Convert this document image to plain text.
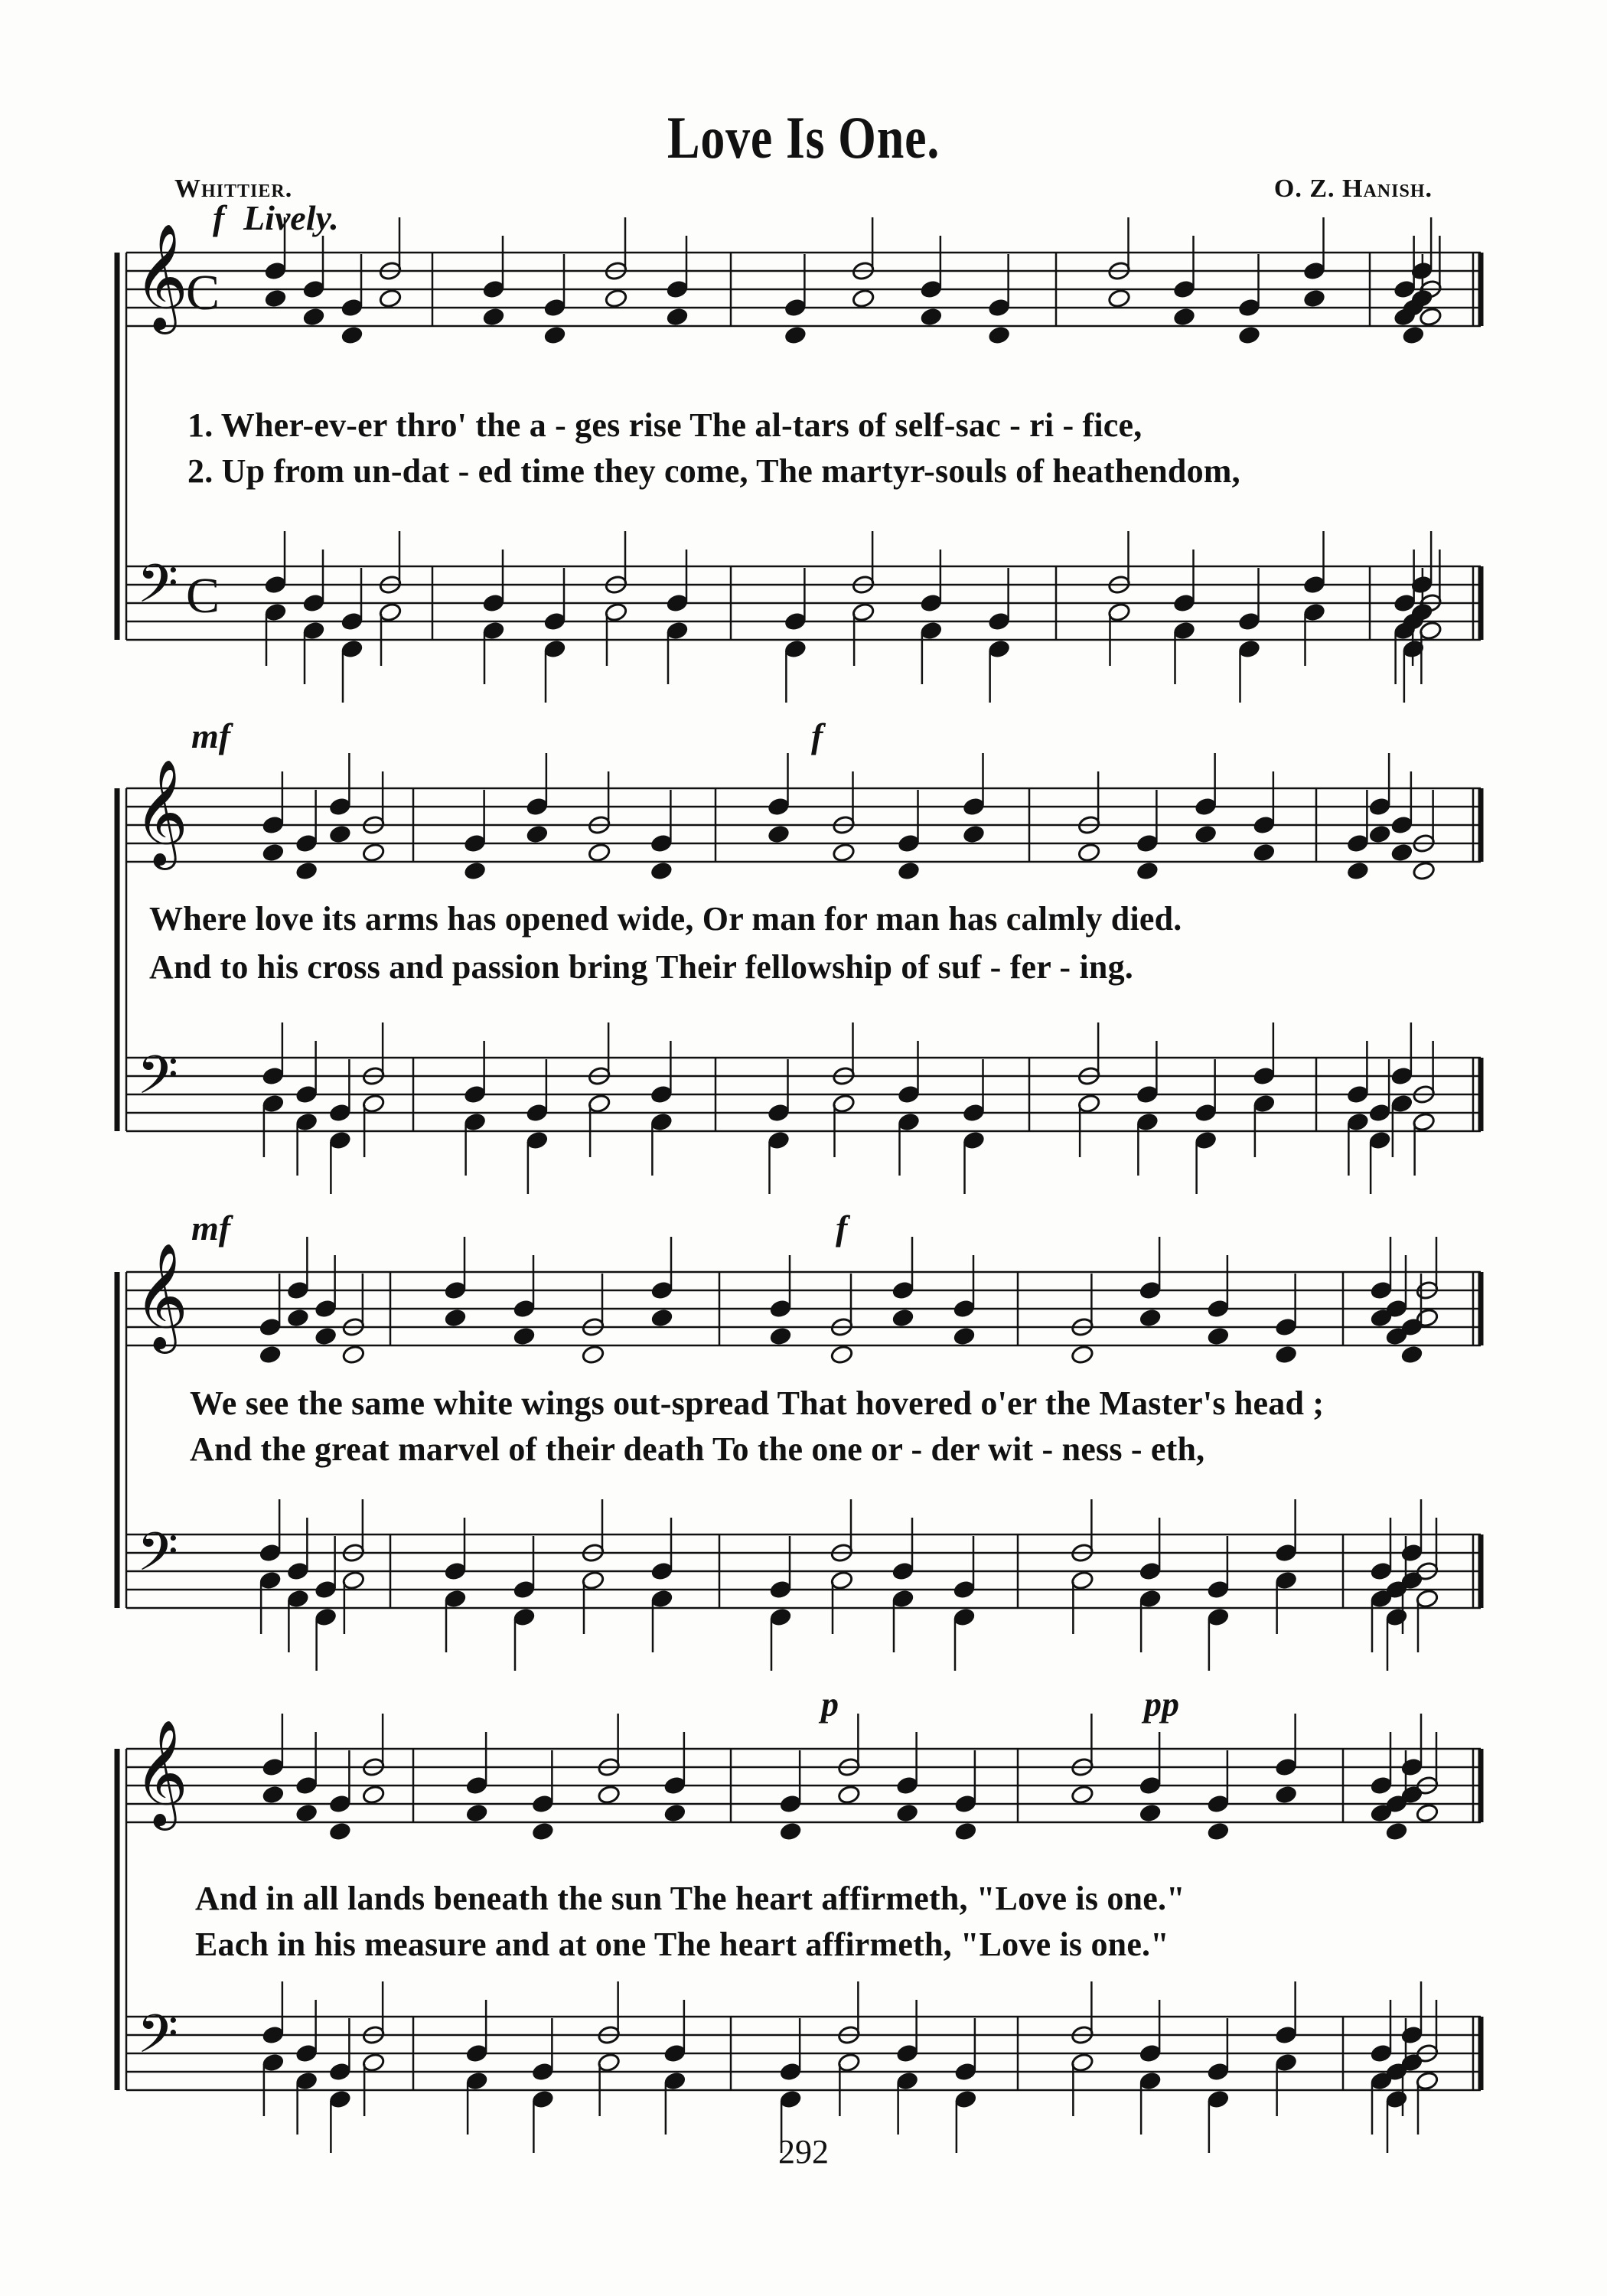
Love Is One.
Whittier.	O. Z. Hanish.
𝄞
𝄢
C
C
𝄞
𝄢
𝄞
𝄢
𝄞
𝄢
f Lively.
mf	f
mf	f
p	pp
1. Wher-ev-er thro' the a - ges rise The al-tars of self-sac - ri - fice,
2. Up from un-dat - ed time they come, The martyr-souls of heathendom,
Where love its arms has opened wide, Or man for man has calmly died.
And to his cross and passion bring Their fellowship of suf - fer - ing.
We see the same white wings out-spread That hovered o'er the Master's head ;
And the great marvel of their death To the one or - der wit - ness - eth,
And in all lands beneath the sun The heart affirmeth, "Love is one."
Each in his measure and at one The heart affirmeth, "Love is one."
292
